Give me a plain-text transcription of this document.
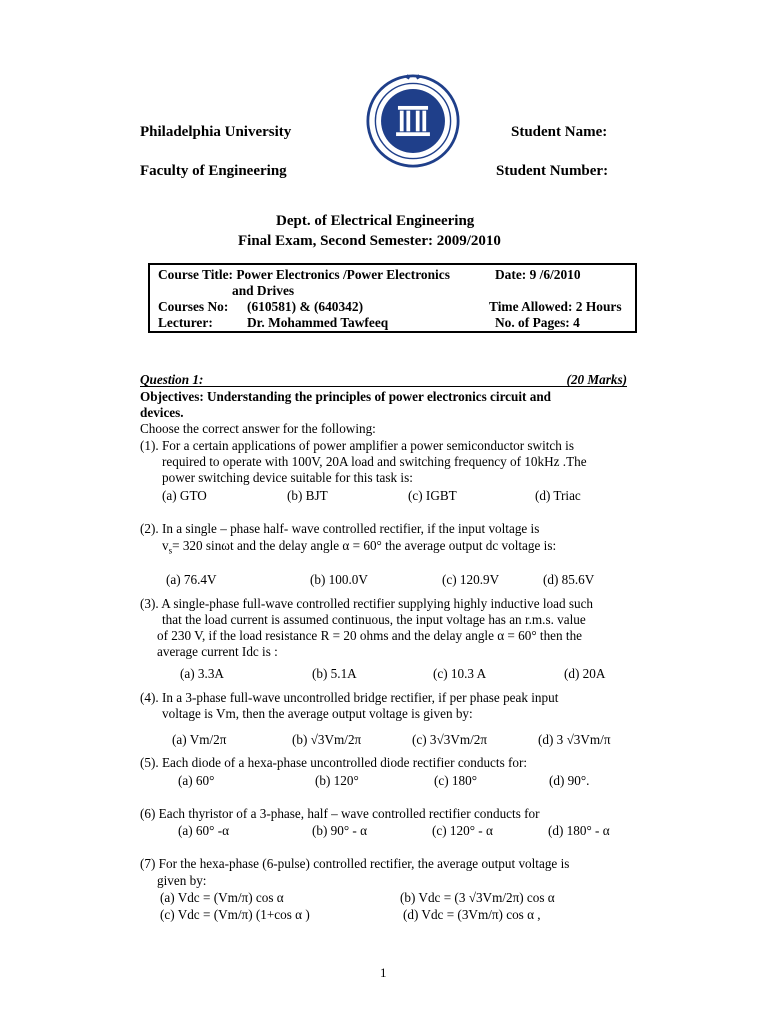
Philadelphia University	Student Name:
Faculty of Engineering	Student Number:
Dept. of Electrical Engineering
Final Exam, Second Semester: 2009/2010
Course Title: Power Electronics /Power Electronics	Date: 9 /6/2010
and Drives
Courses No: (610581) & (640342)	Time Allowed: 2 Hours
Lecturer:	Dr. Mohammed Tawfeeq	No. of Pages: 4
Question 1:	(20 Marks)
Objectives: Understanding the principles of power electronics circuit and
devices.
Choose the correct answer for the following:
(1). For a certain applications of power amplifier a power semiconductor switch is
required to operate with 100V, 20A load and switching frequency of 10kHz .The
power switching device suitable for this task is:
(a) GTO	(b) BJT	(c) IGBT	(d) Triac
(2). In a single – phase half- wave controlled rectifier, if the input voltage is
$v_s= 320$ sinωt and the delay angle α = 60° the average output dc voltage is:
(a) 76.4V	(b) 100.0V	(c) 120.9V	(d) 85.6V
(3). A single-phase full-wave controlled rectifier supplying highly inductive load such
that the load current is assumed continuous, the input voltage has an r.m.s. value
of 230 V, if the load resistance R = 20 ohms and the delay angle α = 60° then the
average current Idc is :
(a) 3.3A	(b) 5.1A	(c) 10.3 A	(d) 20A
(4). In a 3-phase full-wave uncontrolled bridge rectifier, if per phase peak input
voltage is Vm, then the average output voltage is given by:
(a) Vm/2π	(b) √3Vm/2π	(c) 3√3Vm/2π	(d) 3 √3Vm/π
(5). Each diode of a hexa-phase uncontrolled diode rectifier conducts for:
(a) 60°	(b) 120°	(c) 180°	(d) 90°.
(6) Each thyristor of a 3-phase, half – wave controlled rectifier conducts for
(a) 60° -α	(b) 90° - α	(c) 120° - α	(d) 180° - α
(7) For the hexa-phase (6-pulse) controlled rectifier, the average output voltage is
given by:
(a) Vdc = (Vm/π) cos α	(b) Vdc = (3 √3Vm/2π) cos α
(c) Vdc = (Vm/π) (1+cos α )	(d) Vdc = (3Vm/π) cos α ,
1
